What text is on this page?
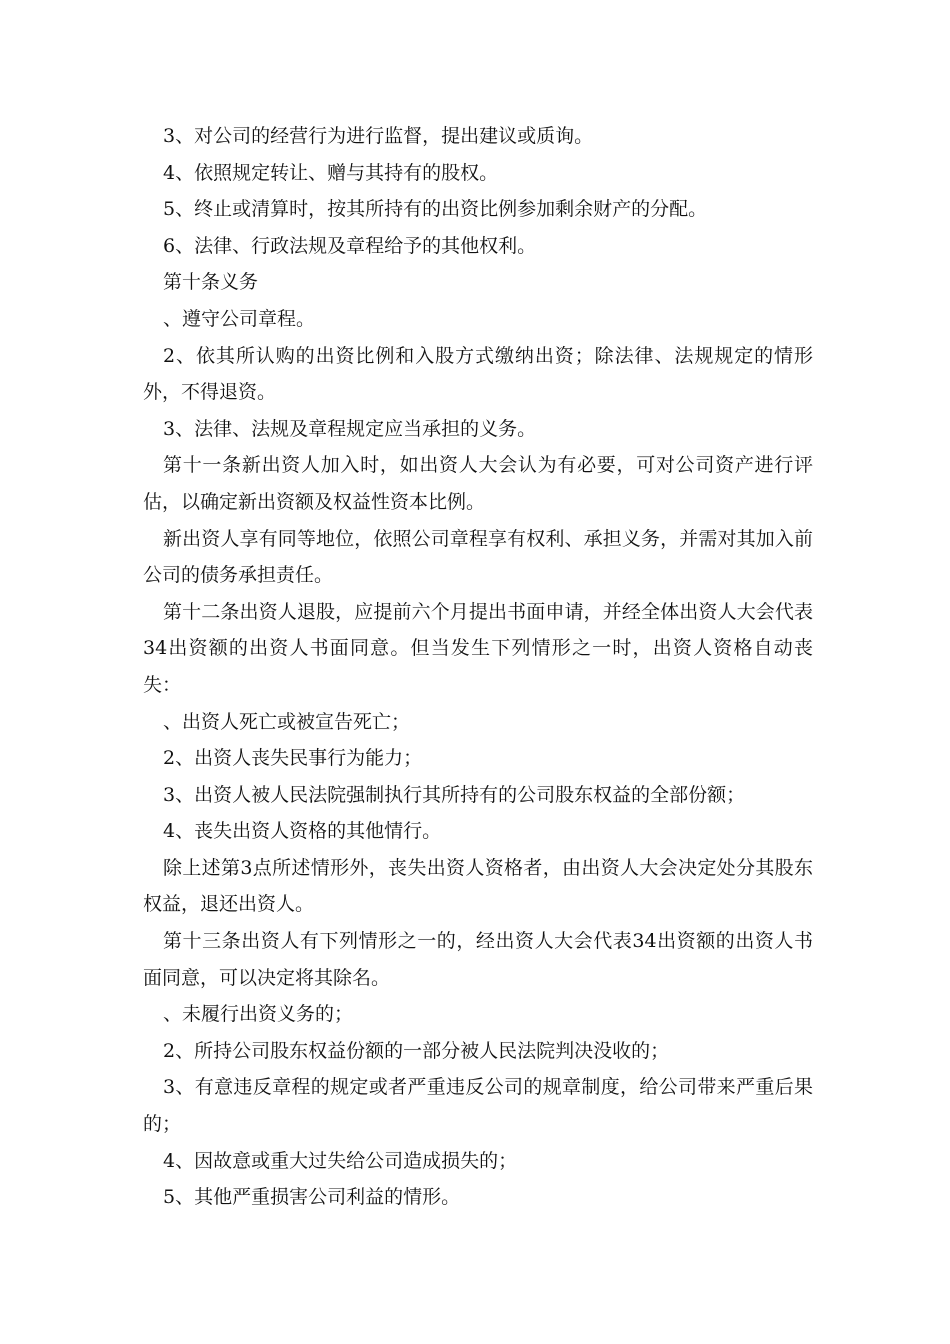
3、对公司的经营行为进行监督，提出建议或质询。

4、依照规定转让、赠与其持有的股权。

5、终止或清算时，按其所持有的出资比例参加剩余财产的分配。

6、法律、行政法规及章程给予的其他权利。

第十条义务

、遵守公司章程。

2、依其所认购的出资比例和入股方式缴纳出资；除法律、法规规定的情形外，不得退资。

3、法律、法规及章程规定应当承担的义务。

第十一条新出资人加入时，如出资人大会认为有必要，可对公司资产进行评估，以确定新出资额及权益性资本比例。

新出资人享有同等地位，依照公司章程享有权利、承担义务，并需对其加入前公司的债务承担责任。

第十二条出资人退股，应提前六个月提出书面申请，并经全体出资人大会代表34出资额的出资人书面同意。但当发生下列情形之一时，出资人资格自动丧失：

、出资人死亡或被宣告死亡；

2、出资人丧失民事行为能力；

3、出资人被人民法院强制执行其所持有的公司股东权益的全部份额；

4、丧失出资人资格的其他情行。

除上述第3点所述情形外，丧失出资人资格者，由出资人大会决定处分其股东权益，退还出资人。

第十三条出资人有下列情形之一的，经出资人大会代表34出资额的出资人书面同意，可以决定将其除名。

、未履行出资义务的；

2、所持公司股东权益份额的一部分被人民法院判决没收的；

3、有意违反章程的规定或者严重违反公司的规章制度，给公司带来严重后果的；

4、因故意或重大过失给公司造成损失的；

5、其他严重损害公司利益的情形。
